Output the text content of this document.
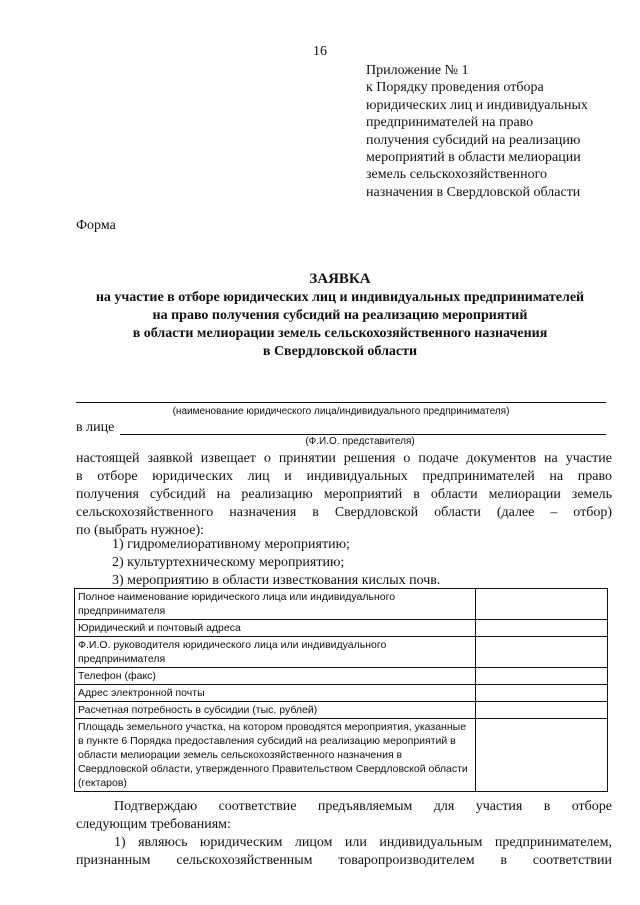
16
Приложение № 1
к Порядку проведения отбора
юридических лиц и индивидуальных
предпринимателей на право
получения субсидий на реализацию
мероприятий в области мелиорации
земель сельскохозяйственного
назначения в Свердловской области
Форма
ЗАЯВКА
на участие в отборе юридических лиц и индивидуальных предпринимателей
на право получения субсидий на реализацию мероприятий
в области мелиорации земель сельскохозяйственного назначения
в Свердловской области
(наименование юридического лица/индивидуального предпринимателя)
в лице
(Ф.И.О. представителя)
настоящей заявкой извещает о принятии решения о подаче документов на участие
в отборе юридических лиц и индивидуальных предпринимателей на право
получения субсидий на реализацию мероприятий в области мелиорации земель
сельскохозяйственного назначения в Свердловской области (далее – отбор)
по (выбрать нужное):
1) гидромелиоративному мероприятию;
2) культуртехническому мероприятию;
3) мероприятию в области известкования кислых почв.
Полное наименование юридического лица или индивидуального предпринимателя	
Юридический и почтовый адреса	
Ф.И.О. руководителя юридического лица или индивидуального предпринимателя	
Телефон (факс)	
Адрес электронной почты	
Расчетная потребность в субсидии (тыс. рублей)	
Площадь земельного участка, на котором проводятся мероприятия, указанные в пункте 6 Порядка предоставления субсидий на реализацию мероприятий в области мелиорации земель сельскохозяйственного назначения в Свердловской области, утвержденного Правительством Свердловской области (гектаров)	
Подтверждаю соответствие предъявляемым для участия в отборе
следующим требованиям:
1) являюсь юридическим лицом или индивидуальным предпринимателем,
признанным сельскохозяйственным товаропроизводителем в соответствии
